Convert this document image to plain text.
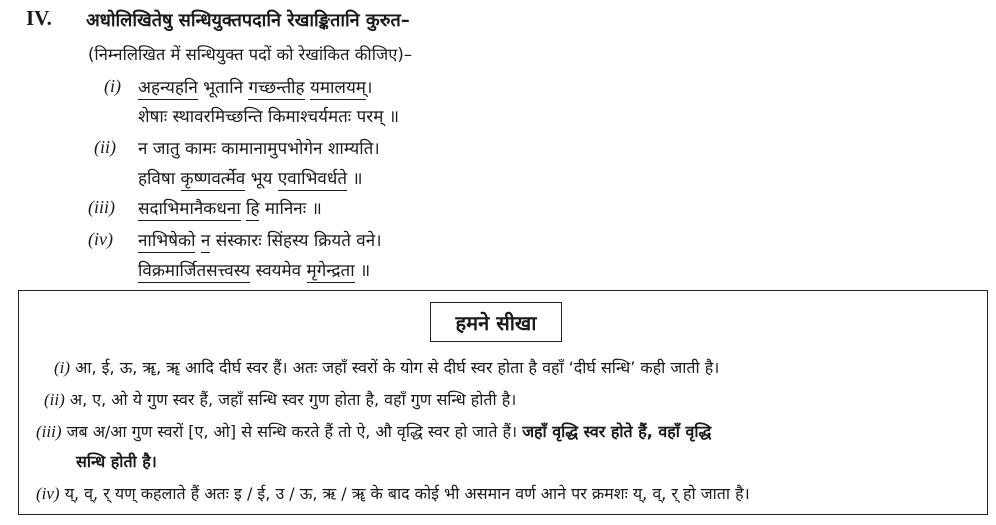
IV. अधोलिखितेषु सन्धियुक्तपदानि रेखाङ्कितानि कुरुत–
(निम्नलिखित में सन्धियुक्त पदों को रेखांकित कीजिए)–
(i) अहन्यहनि भूतानि गच्छन्तीह यमालयम्।
शेषाः स्थावरमिच्छन्ति किमाश्चर्यमतः परम् ॥
(ii) न जातु कामः कामानामुपभोगेन शाम्यति।
हविषा कृष्णवर्त्मेव भूय एवाभिवर्धते ॥
(iii) सदाभिमानैकधना हि मानिनः ॥
(iv) नाभिषेको न संस्कारः सिंहस्य क्रियते वने।
विक्रमार्जितसत्त्वस्य स्वयमेव मृगेन्द्रता ॥
हमने सीखा
(i) आ, ई, ऊ, ॠ, ॠ आदि दीर्घ स्वर हैं। अतः जहाँ स्वरों के योग से दीर्घ स्वर होता है वहाँ ‘दीर्घ सन्धि’ कही जाती है।
(ii) अ, ए, ओ ये गुण स्वर हैं, जहाँ सन्धि स्वर गुण होता है, वहाँ गुण सन्धि होती है।
(iii) जब अ/आ गुण स्वरों [ए, ओ] से सन्धि करते हैं तो ऐ, औ वृद्धि स्वर हो जाते हैं। जहाँ वृद्धि स्वर होते हैं, वहाँ वृद्धि
सन्धि होती है।
(iv) य्, व्, र् यण् कहलाते हैं अतः इ / ई, उ / ऊ, ऋ / ॠ के बाद कोई भी असमान वर्ण आने पर क्रमशः य्, व्, र् हो जाता है।
